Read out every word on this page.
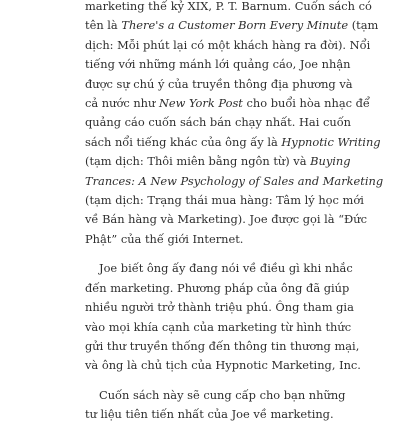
marketing thế kỷ XIX, P. T. Barnum. Cuốn sách có
tên là There's a Customer Born Every Minute (tạm
dịch: Mỗi phút lại có một khách hàng ra đời). Nổi
tiếng với những mánh lới quảng cáo, Joe nhận
được sự chú ý của truyền thông địa phương và
cả nước như New York Post cho buổi hòa nhạc để
quảng cáo cuốn sách bán chạy nhất. Hai cuốn
sách nổi tiếng khác của ông ấy là Hypnotic Writing
(tạm dịch: Thôi miên bằng ngôn từ) và Buying
Trances: A New Psychology of Sales and Marketing
(tạm dịch: Trạng thái mua hàng: Tâm lý học mới
về Bán hàng và Marketing). Joe được gọi là “Đức
Phật” của thế giới Internet.

Joe biết ông ấy đang nói về điều gì khi nhắc
đến marketing. Phương pháp của ông đã giúp
nhiều người trở thành triệu phú. Ông tham gia
vào mọi khía cạnh của marketing từ hình thức
gửi thư truyền thống đến thông tin thương mại,
và ông là chủ tịch của Hypnotic Marketing, Inc.

Cuốn sách này sẽ cung cấp cho bạn những
tư liệu tiên tiến nhất của Joe về marketing.
